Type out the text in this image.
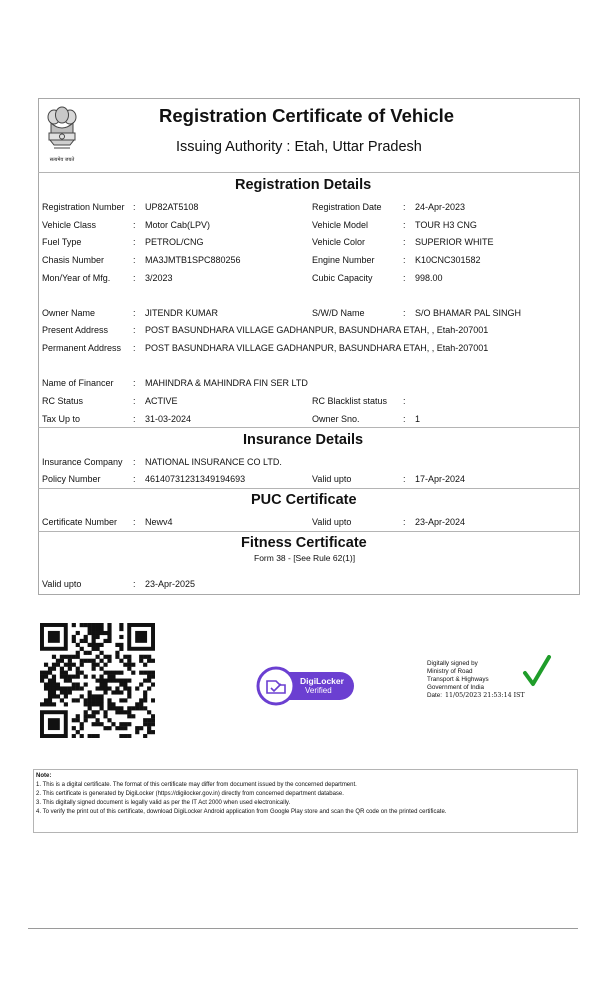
सत्यमेव जयते
Registration Certificate of Vehicle
Issuing Authority : Etah, Uttar Pradesh
Registration Details
Registration Number : UP82AT5108	Registration Date : 24-Apr-2023
Vehicle Class	: Motor Cab(LPV)	Vehicle Model	: TOUR H3 CNG
Fuel Type	: PETROL/CNG	Vehicle Color	: SUPERIOR WHITE
Chasis Number	: MA3JMTB1SPC880256	Engine Number	: K10CNC301582
Mon/Year of Mfg.	: 3/2023	Cubic Capacity	: 998.00
Owner Name	: JITENDR KUMAR	S/W/D Name	: S/O BHAMAR PAL SINGH
Present Address	: POST BASUNDHARA VILLAGE GADHANPUR, BASUNDHARA ETAH, , Etah-207001
Permanent Address : POST BASUNDHARA VILLAGE GADHANPUR, BASUNDHARA ETAH, , Etah-207001
Name of Financer : MAHINDRA & MAHINDRA FIN SER LTD
RC Status	: ACTIVE	RC Blacklist status :
Tax Up to	: 31-03-2024	Owner Sno.	: 1
Insurance Details
Insurance Company : NATIONAL INSURANCE CO LTD.
Policy Number	: 46140731231349194693	Valid upto	: 17-Apr-2024
PUC Certificate
Certificate Number : Newv4	Valid upto	: 23-Apr-2024
Fitness Certificate
Form 38 - [See Rule 62(1)]
Valid upto	: 23-Apr-2025
DigiLocker
Verified
Digitally signed by
Ministry of Road
Transport & Highways
Government of India
Date: 11/05/2023 21:53:14 IST
Note:
1. This is a digital certificate. The format of this certificate may differ from document issued by the concerned department.
2. This certificate is generated by DigiLocker (https://digilocker.gov.in) directly from concerned department database.
3. This digitally signed document is legally valid as per the IT Act 2000 when used electronically.
4. To verify the print out of this certificate, download DigiLocker Android application from Google Play store and scan the QR code on the printed certificate.
